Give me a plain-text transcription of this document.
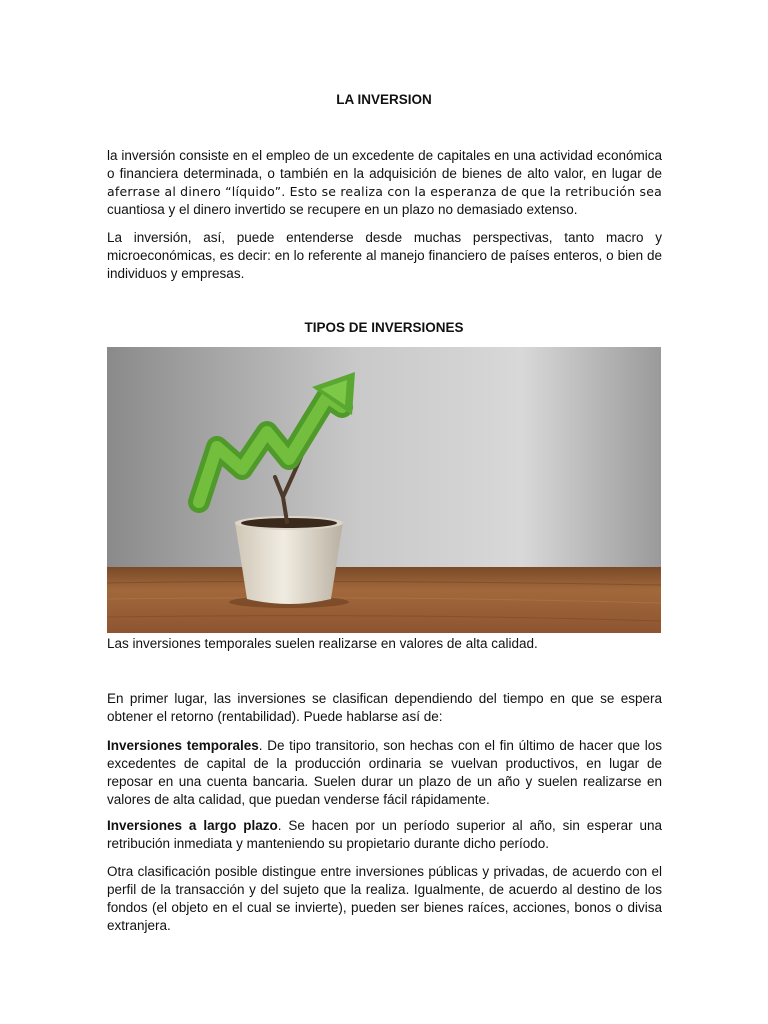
LA INVERSION

la inversión consiste en el empleo de un excedente de capitales en una actividad económica o financiera determinada, o también en la adquisición de bienes de alto valor, en lugar de aferrase al dinero “líquido”. Esto se realiza con la esperanza de que la retribución sea cuantiosa y el dinero invertido se recupere en un plazo no demasiado extenso.

La inversión, así, puede entenderse desde muchas perspectivas, tanto macro y microeconómicas, es decir: en lo referente al manejo financiero de países enteros, o bien de individuos y empresas.

TIPOS DE INVERSIONES

Las inversiones temporales suelen realizarse en valores de alta calidad.

En primer lugar, las inversiones se clasifican dependiendo del tiempo en que se espera obtener el retorno (rentabilidad). Puede hablarse así de:

Inversiones temporales. De tipo transitorio, son hechas con el fin último de hacer que los excedentes de capital de la producción ordinaria se vuelvan productivos, en lugar de reposar en una cuenta bancaria. Suelen durar un plazo de un año y suelen realizarse en valores de alta calidad, que puedan venderse fácil rápidamente.

Inversiones a largo plazo. Se hacen por un período superior al año, sin esperar una retribución inmediata y manteniendo su propietario durante dicho período.

Otra clasificación posible distingue entre inversiones públicas y privadas, de acuerdo con el perfil de la transacción y del sujeto que la realiza. Igualmente, de acuerdo al destino de los fondos (el objeto en el cual se invierte), pueden ser bienes raíces, acciones, bonos o divisa extranjera.
